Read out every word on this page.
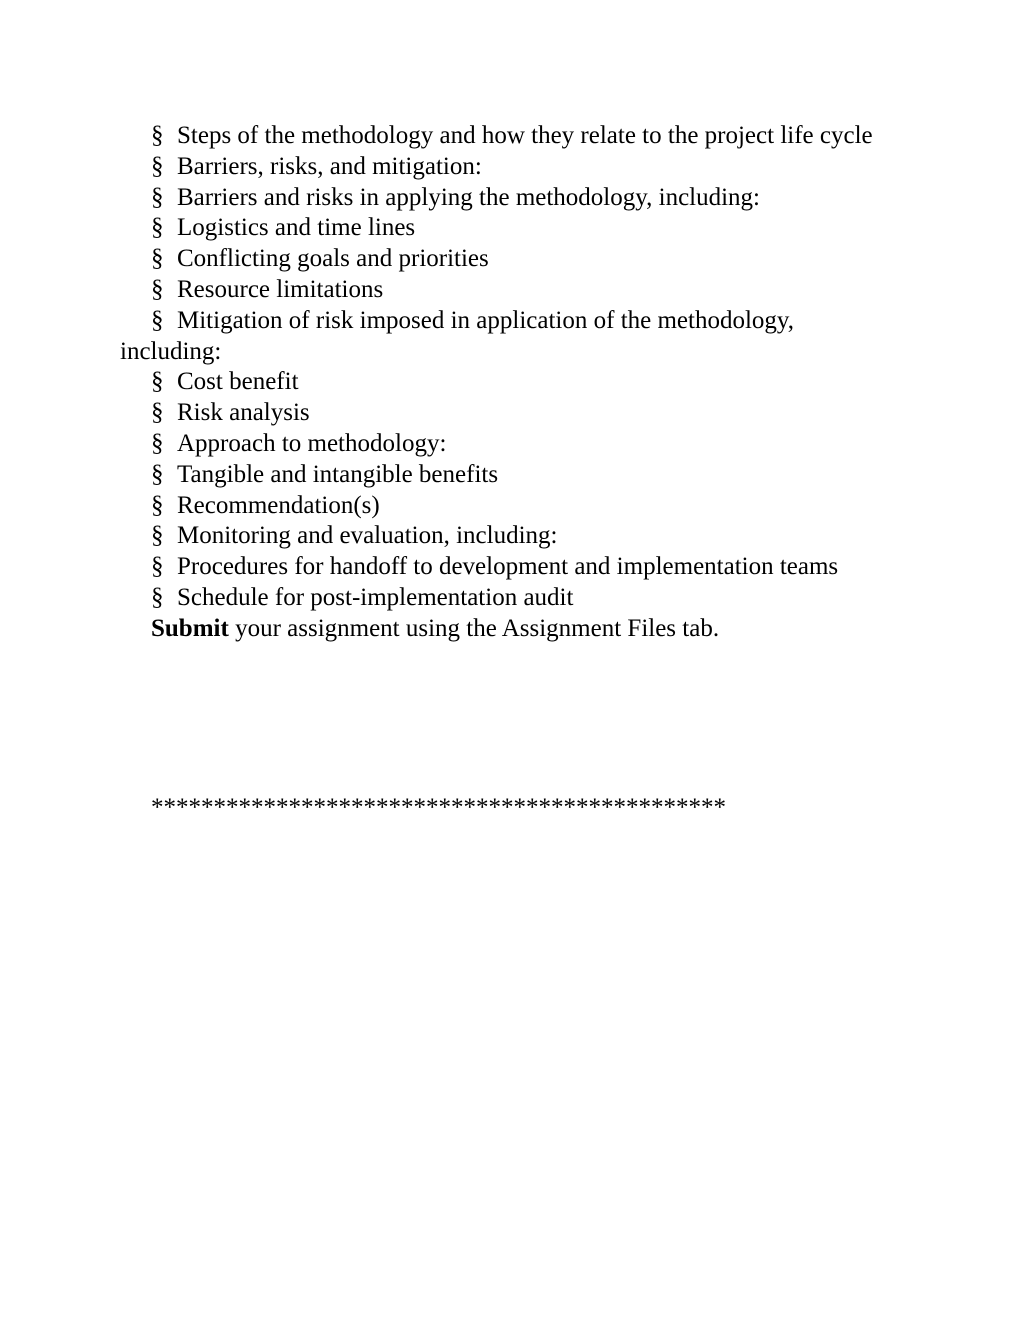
§ Steps of the methodology and how they relate to the project life cycle

§ Barriers, risks, and mitigation:

§ Barriers and risks in applying the methodology, including:

§ Logistics and time lines

§ Conflicting goals and priorities

§ Resource limitations

§ Mitigation of risk imposed in application of the methodology, including:

§ Cost benefit

§ Risk analysis

§ Approach to methodology:

§ Tangible and intangible benefits

§ Recommendation(s)

§ Monitoring and evaluation, including:

§ Procedures for handoff to development and implementation teams

§ Schedule for post-implementation audit

Submit your assignment using the Assignment Files tab.

**********************************************
